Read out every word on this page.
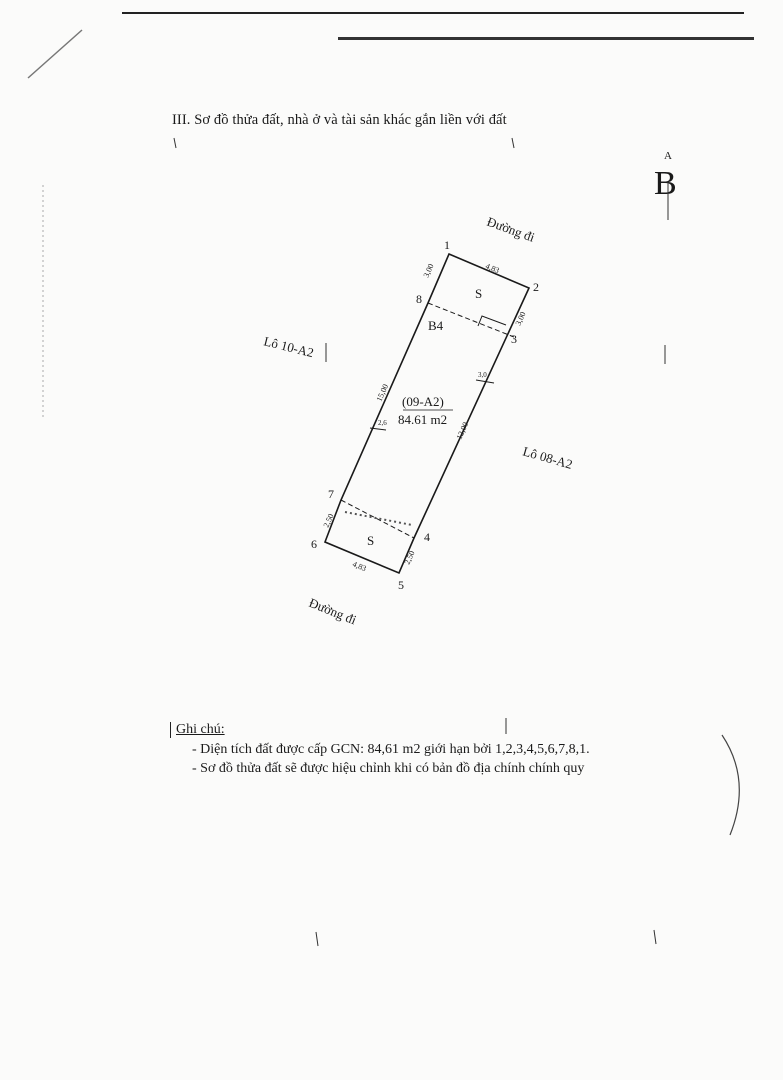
III. Sơ đồ thửa đất, nhà ở và tài sản khác gắn liền với đất
A
B
1
2
3
4
5
6
7
8	S
S
B4
(09-A2)
84.61 m2
Đường đi
Đường đi
Lô 10-A2
Lô 08-A2
4,83
3,00
3,00
15,00
12,00
2,50
2,50
4,83
2,6
3,0
Ghi chú:
- Diện tích đất được cấp GCN: 84,61 m2 giới hạn bởi 1,2,3,4,5,6,7,8,1.
- Sơ đồ thửa đất sẽ được hiệu chỉnh khi có bản đồ địa chính chính quy
